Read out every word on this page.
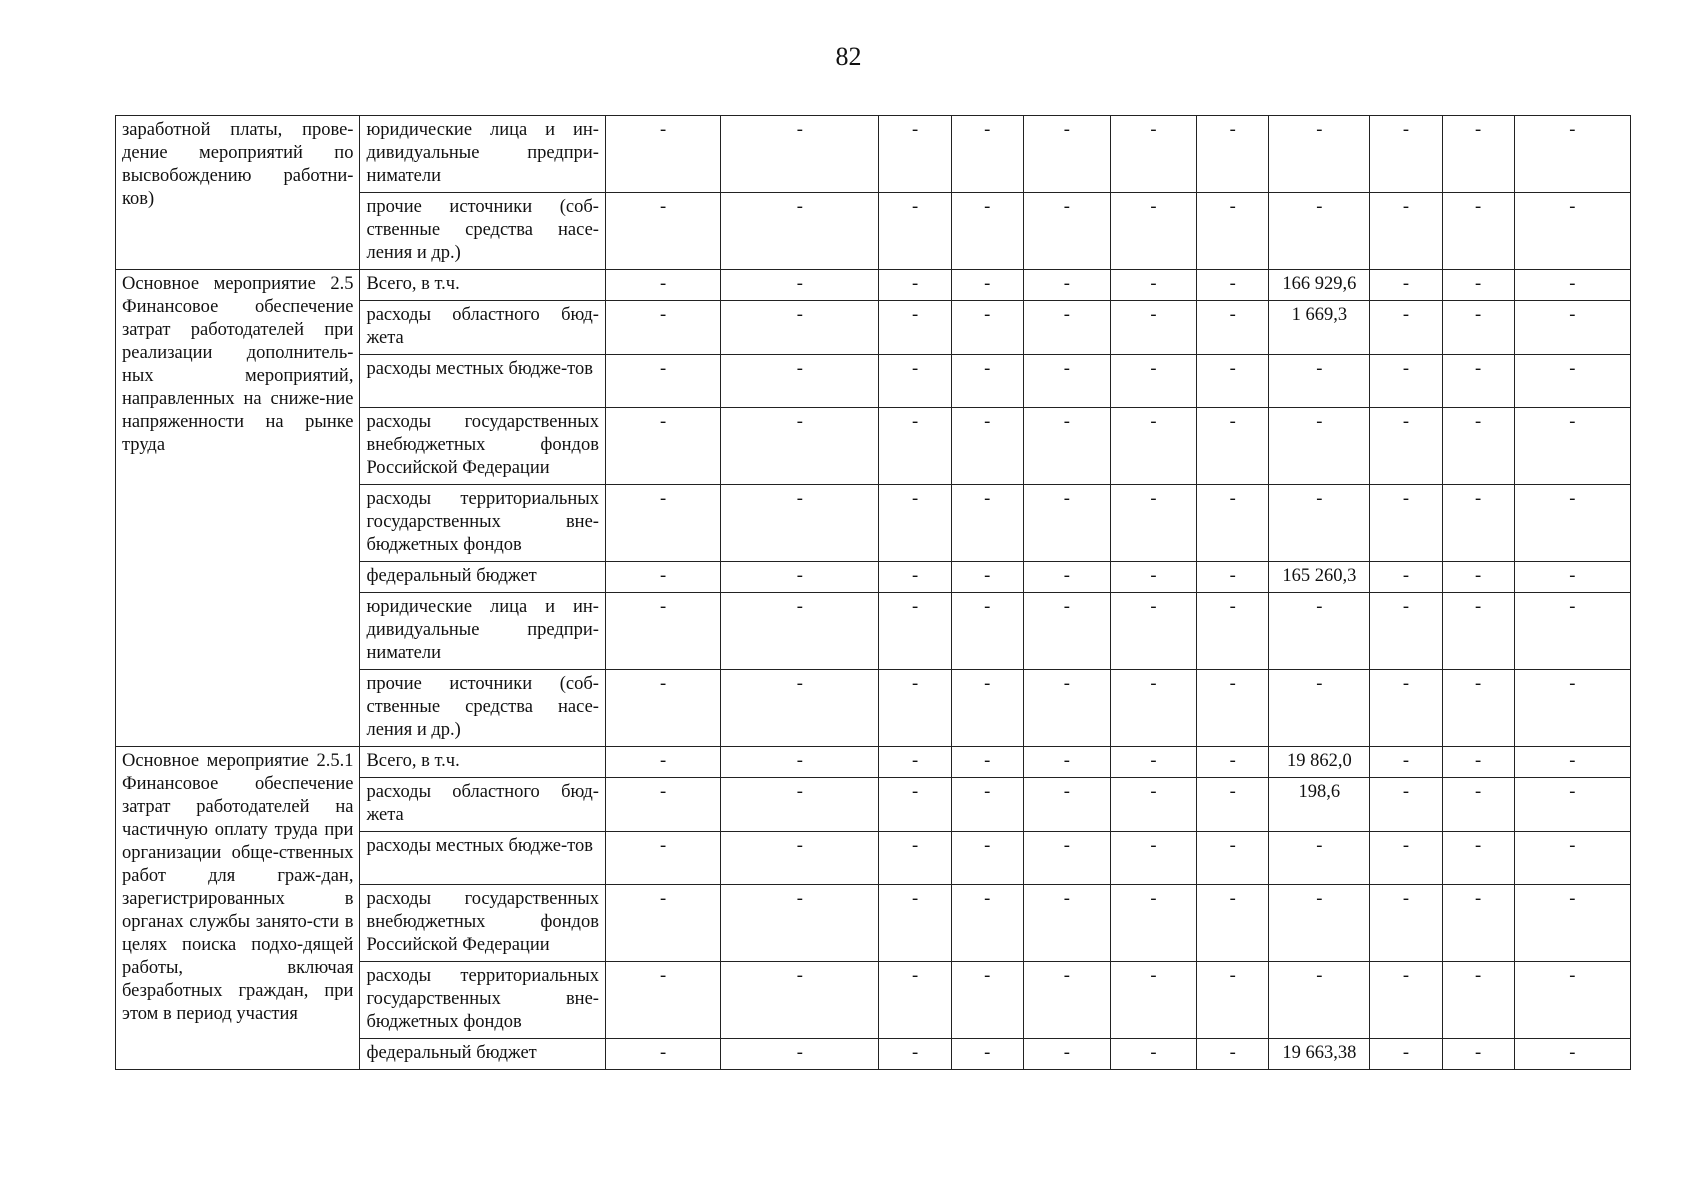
82
заработной платы, прове-дение мероприятий по высвобождению работни-ков)	юридические лица и ин-дивидуальные предпри-ниматели	-	-	-	-	-	-	-	-	-	-	-
	прочие источники (соб-ственные средства насе-ления и др.)	-	-	-	-	-	-	-	-	-	-	-
Основное мероприятие 2.5 Финансовое обеспечение затрат работодателей при реализации дополнитель-ных мероприятий, направленных на сниже-ние напряженности на рынке труда	Всего, в т.ч.	-	-	-	-	-	-	-	166 929,6	-	-	-
	расходы областного бюд-жета	-	-	-	-	-	-	-	1 669,3	-	-	-
	расходы местных бюдже-тов	-	-	-	-	-	-	-	-	-	-	-
	расходы государственных внебюджетных фондов Российской Федерации	-	-	-	-	-	-	-	-	-	-	-
	расходы территориальных государственных вне-бюджетных фондов	-	-	-	-	-	-	-	-	-	-	-
	федеральный бюджет	-	-	-	-	-	-	-	165 260,3	-	-	-
	юридические лица и ин-дивидуальные предпри-ниматели	-	-	-	-	-	-	-	-	-	-	-
	прочие источники (соб-ственные средства насе-ления и др.)	-	-	-	-	-	-	-	-	-	-	-
Основное мероприятие 2.5.1 Финансовое обеспечение затрат работодателей на частичную оплату труда при организации обще-ственных работ для граж-дан, зарегистрированных в органах службы занято-сти в целях поиска подхо-дящей работы, включая безработных граждан, при этом в период участия	Всего, в т.ч.	-	-	-	-	-	-	-	19 862,0	-	-	-
	расходы областного бюд-жета	-	-	-	-	-	-	-	198,6	-	-	-
	расходы местных бюдже-тов	-	-	-	-	-	-	-	-	-	-	-
	расходы государственных внебюджетных фондов Российской Федерации	-	-	-	-	-	-	-	-	-	-	-
	расходы территориальных государственных вне-бюджетных фондов	-	-	-	-	-	-	-	-	-	-	-
	федеральный бюджет	-	-	-	-	-	-	-	19 663,38	-	-	-
